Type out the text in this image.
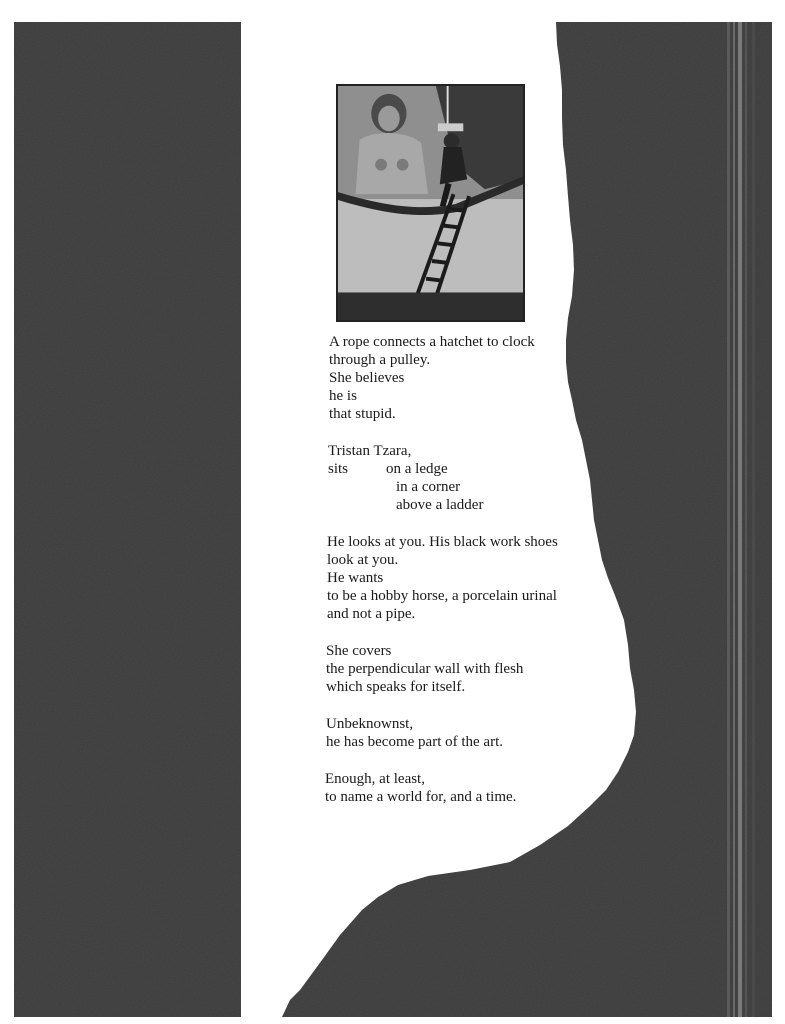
A rope connects a hatchet to clock

through a pulley.

She believes

he is

that stupid.

Tristan Tzara,

sits	on a ledge

in a corner

above a ladder

He looks at you. His black work shoes

look at you.

He wants

to be a hobby horse, a porcelain urinal

and not a pipe.

She covers

the perpendicular wall with flesh

which speaks for itself.

Unbeknownst,

he has become part of the art.

Enough, at least,

to name a world for, and a time.
